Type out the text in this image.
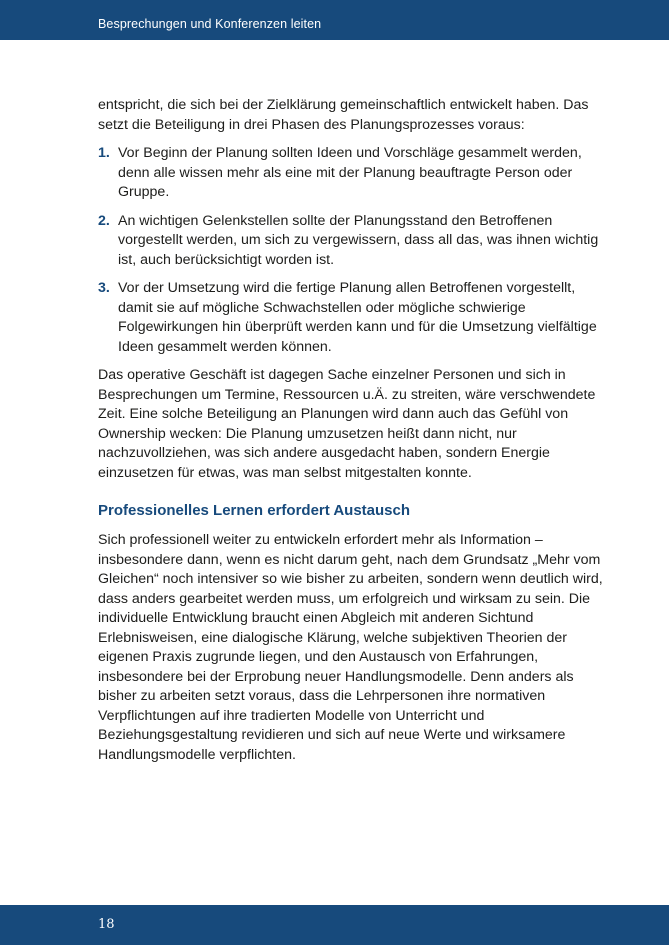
Besprechungen und Konferenzen leiten

entspricht, die sich bei der Zielklärung gemeinschaftlich entwickelt haben. Das setzt die Beteiligung in drei Phasen des Planungsprozesses voraus:

1. Vor Beginn der Planung sollten Ideen und Vorschläge gesammelt werden, denn alle wissen mehr als eine mit der Planung beauftragte Person oder Gruppe.
2. An wichtigen Gelenkstellen sollte der Planungsstand den Betroffenen vorgestellt werden, um sich zu vergewissern, dass all das, was ihnen wichtig ist, auch berücksichtigt worden ist.
3. Vor der Umsetzung wird die fertige Planung allen Betroffenen vorgestellt, damit sie auf mögliche Schwachstellen oder mögliche schwierige Folgewirkungen hin überprüft werden kann und für die Umsetzung vielfältige Ideen gesammelt werden können.

Das operative Geschäft ist dagegen Sache einzelner Personen und sich in Besprechungen um Termine, Ressourcen u.Ä. zu streiten, wäre verschwendete Zeit. Eine solche Beteiligung an Planungen wird dann auch das Gefühl von Ownership wecken: Die Planung umzusetzen heißt dann nicht, nur nachzuvollziehen, was sich andere ausgedacht haben, sondern Energie einzusetzen für etwas, was man selbst mitgestalten konnte.

Professionelles Lernen erfordert Austausch

Sich professionell weiter zu entwickeln erfordert mehr als Information – insbesondere dann, wenn es nicht darum geht, nach dem Grundsatz „Mehr vom Gleichen“ noch intensiver so wie bisher zu arbeiten, sondern wenn deutlich wird, dass anders gearbeitet werden muss, um erfolgreich und wirksam zu sein. Die individuelle Entwicklung braucht einen Abgleich mit anderen Sichtund Erlebnisweisen, eine dialogische Klärung, welche subjektiven Theorien der eigenen Praxis zugrunde liegen, und den Austausch von Erfahrungen, insbesondere bei der Erprobung neuer Handlungsmodelle. Denn anders als bisher zu arbeiten setzt voraus, dass die Lehrpersonen ihre normativen Verpflichtungen auf ihre tradierten Modelle von Unterricht und Beziehungsgestaltung revidieren und sich auf neue Werte und wirksamere Handlungsmodelle verpflichten.

18
